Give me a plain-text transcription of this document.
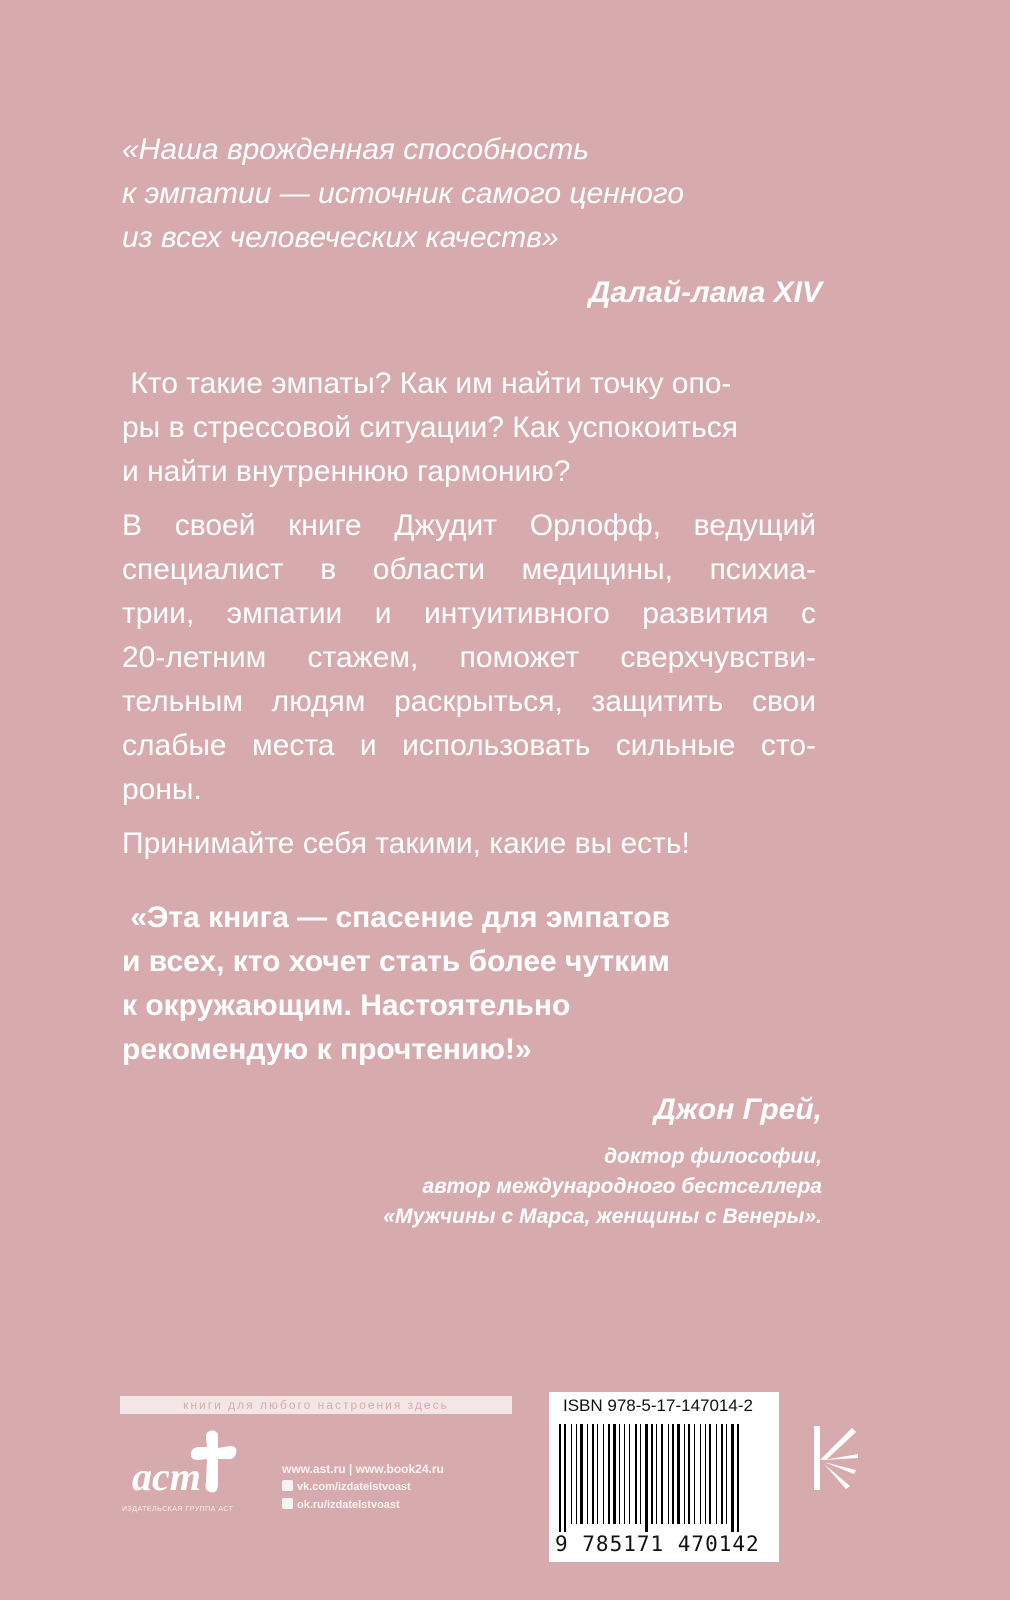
«Наша врожденная способность
к эмпатии — источник самого ценного
из всех человеческих качеств»
Далай-лама XIV
Кто такие эмпаты? Как им найти точку опо-
ры в стрессовой ситуации? Как успокоиться
и найти внутреннюю гармонию?
В своей книге Джудит Орлофф, ведущий
специалист в области медицины, психиа-
трии, эмпатии и интуитивного развития с
20-летним стажем, поможет сверхчувстви-
тельным людям раскрыться, защитить свои
слабые места и использовать сильные сто-
роны.
Принимайте себя такими, какие вы есть!
«Эта книга — спасение для эмпатов
и всех, кто хочет стать более чутким
к окружающим. Настоятельно
рекомендую к прочтению!»
Джон Грей,
доктор философии,
автор международного бестселлера
«Мужчины с Марса, женщины с Венеры».
книги для любого настроения здесь
аст
ИЗДАТЕЛЬСКАЯ ГРУППА АСТ
www.ast.ru | www.book24.ru
vk.com/izdatelstvoast
ok.ru/izdatelstvoast
ISBN 978-5-17-147014-2
9 785171 470142
